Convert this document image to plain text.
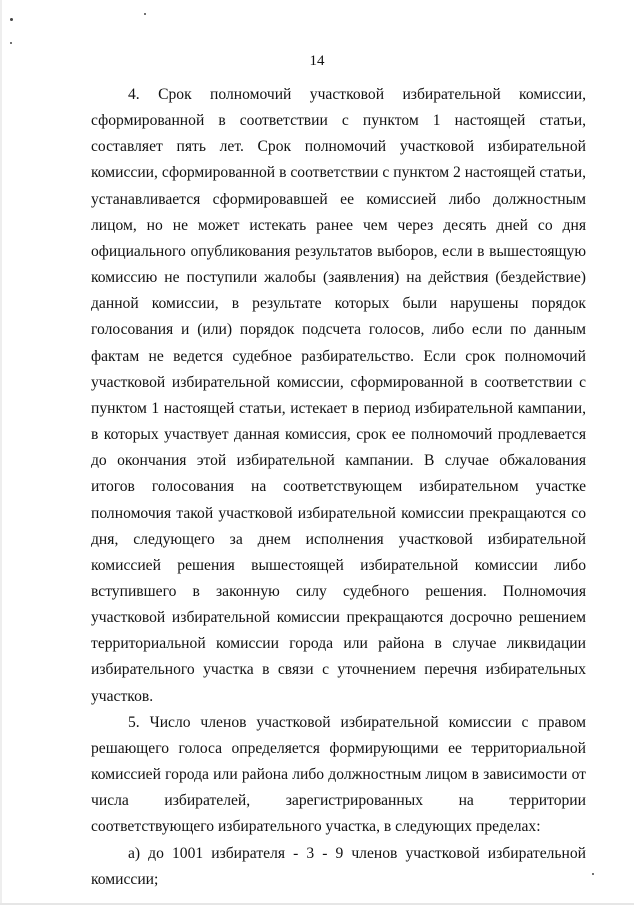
14

4. Срок полномочий участковой избирательной комиссии, сформированной в соответствии с пунктом 1 настоящей статьи, составляет пять лет. Срок полномочий участковой избирательной комиссии, сформированной в соответствии с пунктом 2 настоящей статьи, устанавливается сформировавшей ее комиссией либо должностным лицом, но не может истекать ранее чем через десять дней со дня официального опубликования результатов выборов, если в вышестоящую комиссию не поступили жалобы (заявления) на действия (бездействие) данной комиссии, в результате которых были нарушены порядок голосования и (или) порядок подсчета голосов, либо если по данным фактам не ведется судебное разбирательство. Если срок полномочий участковой избирательной комиссии, сформированной в соответствии с пунктом 1 настоящей статьи, истекает в период избирательной кампании, в которых участвует данная комиссия, срок ее полномочий продлевается до окончания этой избирательной кампании. В случае обжалования итогов голосования на соответствующем избирательном участке полномочия такой участковой избирательной комиссии прекращаются со дня, следующего за днем исполнения участковой избирательной комиссией решения вышестоящей избирательной комиссии либо вступившего в законную силу судебного решения. Полномочия участковой избирательной комиссии прекращаются досрочно решением территориальной комиссии города или района в случае ликвидации избирательного участка в связи с уточнением перечня избирательных участков.

5. Число членов участковой избирательной комиссии с правом решающего голоса определяется формирующими ее территориальной комиссией города или района либо должностным лицом в зависимости от числа избирателей, зарегистрированных на территории соответствующего избирательного участка, в следующих пределах:

а) до 1001 избирателя - 3 - 9 членов участковой избирательной комиссии;
